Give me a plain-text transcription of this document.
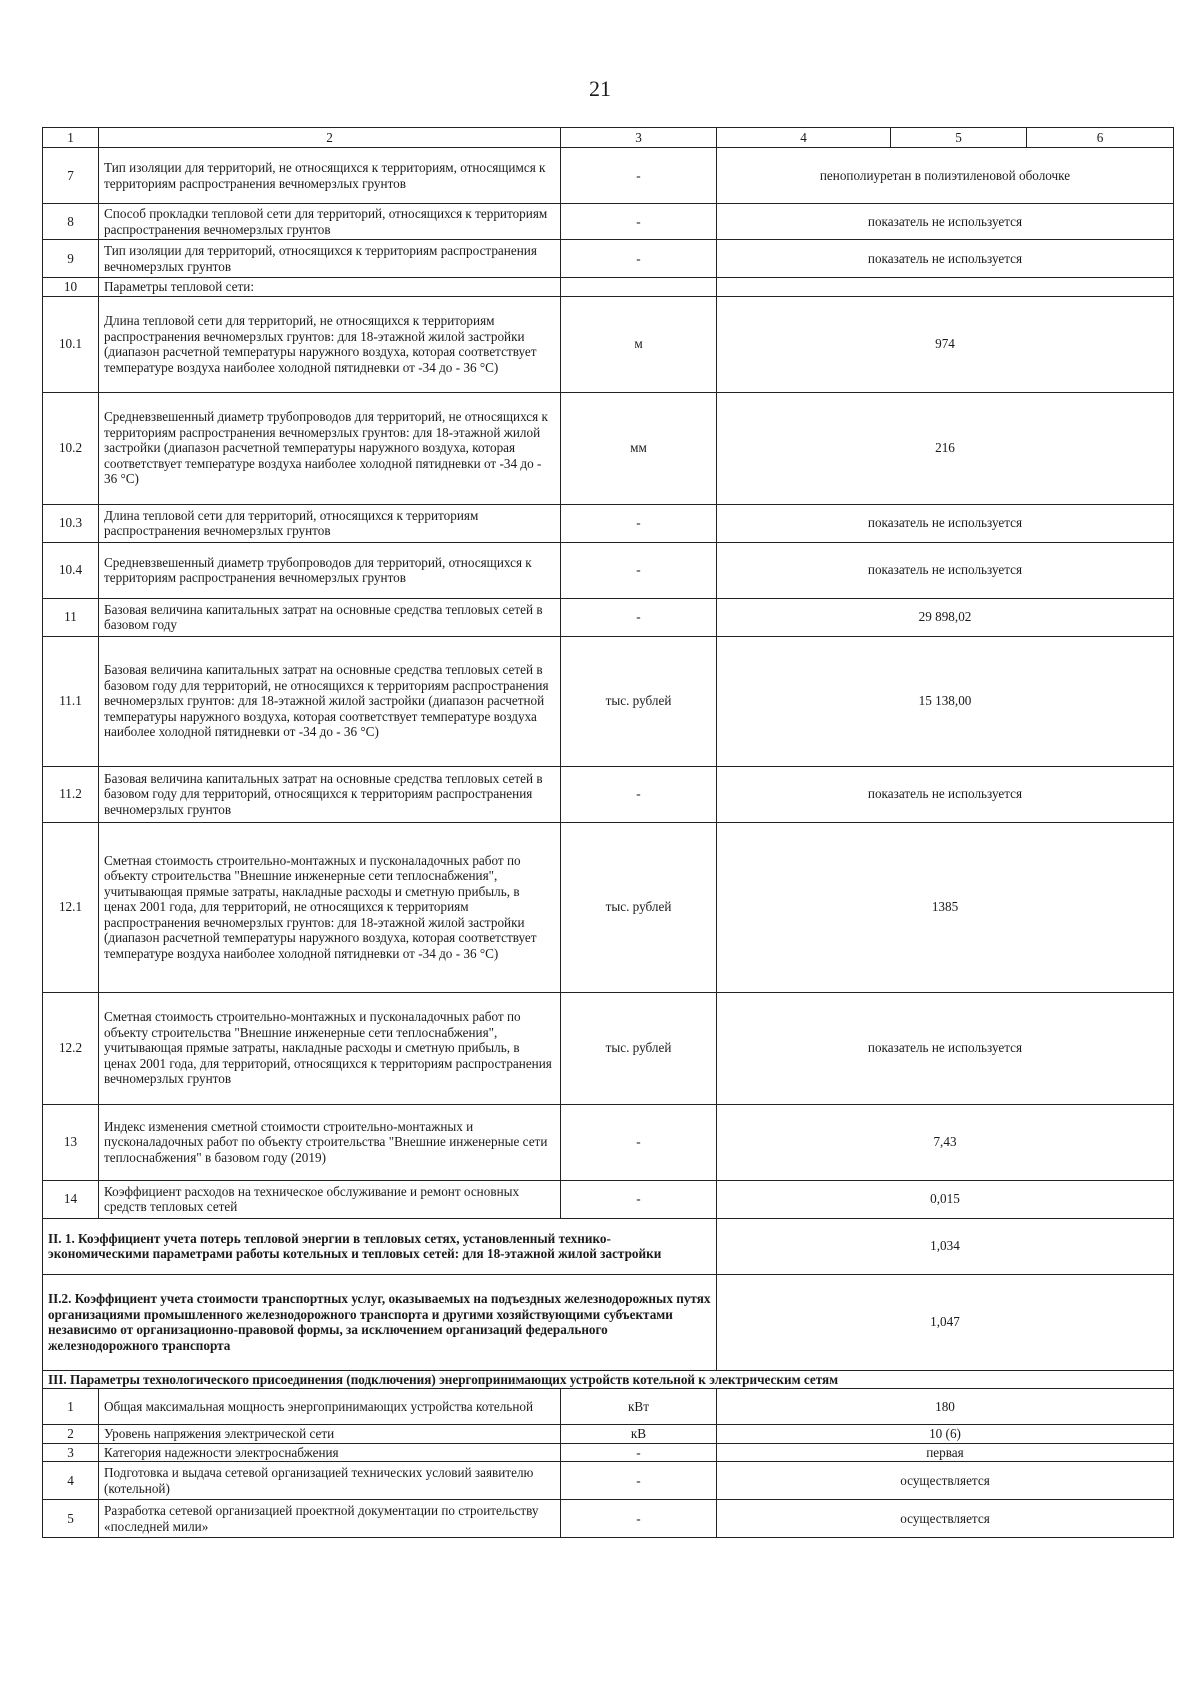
21
1	2	3	4	5	6
7	Тип изоляции для территорий, не относящихся к территориям, относящимся к территориям распространения вечномерзлых грунтов	-	пенополиуретан в полиэтиленовой оболочке		
8	Способ прокладки тепловой сети для территорий, относящихся к территориям распространения вечномерзлых грунтов	-	показатель не используется		
9	Тип изоляции для территорий, относящихся к территориям распространения вечномерзлых грунтов	-	показатель не используется		
10	Параметры тепловой сети:				
10.1	Длина тепловой сети для территорий, не относящихся к территориям распространения вечномерзлых грунтов: для 18-этажной жилой застройки (диапазон расчетной температуры наружного воздуха, которая соответствует температуре воздуха наиболее холодной пятидневки от -34 до - 36 °C)	м	974		
10.2	Средневзвешенный диаметр трубопроводов для территорий, не относящихся к территориям распространения вечномерзлых грунтов: для 18-этажной жилой застройки (диапазон расчетной температуры наружного воздуха, которая соответствует температуре воздуха наиболее холодной пятидневки от -34 до - 36 °C)	мм	216		
10.3	Длина тепловой сети для территорий, относящихся к территориям распространения вечномерзлых грунтов	-	показатель не используется		
10.4	Средневзвешенный диаметр трубопроводов для территорий, относящихся к территориям распространения вечномерзлых грунтов	-	показатель не используется		
11	Базовая величина капитальных затрат на основные средства тепловых сетей в базовом году	-	29 898,02		
11.1	Базовая величина капитальных затрат на основные средства тепловых сетей в базовом году для территорий, не относящихся к территориям распространения вечномерзлых грунтов: для 18-этажной жилой застройки (диапазон расчетной температуры наружного воздуха, которая соответствует температуре воздуха наиболее холодной пятидневки от -34 до - 36 °C)	тыс. рублей	15 138,00		
11.2	Базовая величина капитальных затрат на основные средства тепловых сетей в базовом году для территорий, относящихся к территориям распространения вечномерзлых грунтов	-	показатель не используется		
12.1	Сметная стоимость строительно-монтажных и пусконаладочных работ по объекту строительства "Внешние инженерные сети теплоснабжения", учитывающая прямые затраты, накладные расходы и сметную прибыль, в ценах 2001 года, для территорий, не относящихся к территориям распространения вечномерзлых грунтов: для 18-этажной жилой застройки (диапазон расчетной температуры наружного воздуха, которая соответствует температуре воздуха наиболее холодной пятидневки от -34 до - 36 °C)	тыс. рублей	1385		
12.2	Сметная стоимость строительно-монтажных и пусконаладочных работ по объекту строительства "Внешние инженерные сети теплоснабжения", учитывающая прямые затраты, накладные расходы и сметную прибыль, в ценах 2001 года, для территорий, относящихся к территориям распространения вечномерзлых грунтов	тыс. рублей	показатель не используется		
13	Индекс изменения сметной стоимости строительно-монтажных и пусконаладочных работ по объекту строительства "Внешние инженерные сети теплоснабжения" в базовом году (2019)	-	7,43		
14	Коэффициент расходов на техническое обслуживание и ремонт основных средств тепловых сетей	-	0,015		
II. 1. Коэффициент учета потерь тепловой энергии в тепловых сетях, установленный технико-экономическими параметрами работы котельных и тепловых сетей: для 18-этажной жилой застройки			1,034		
II.2. Коэффициент учета стоимости транспортных услуг, оказываемых на подъездных железнодорожных путях организациями промышленного железнодорожного транспорта и другими хозяйствующими субъектами независимо от организационно-правовой формы, за исключением организаций федерального железнодорожного транспорта			1,047		
III. Параметры технологического присоединения (подключения) энергопринимающих устройств котельной к электрическим сетям					
1	Общая максимальная мощность энергопринимающих устройства котельной	кВт	180		
2	Уровень напряжения электрической сети	кВ	10 (6)		
3	Категория надежности электроснабжения	-	первая		
4	Подготовка и выдача сетевой организацией технических условий заявителю (котельной)	-	осуществляется		
5	Разработка сетевой организацией проектной документации по строительству «последней мили»	-	осуществляется		
